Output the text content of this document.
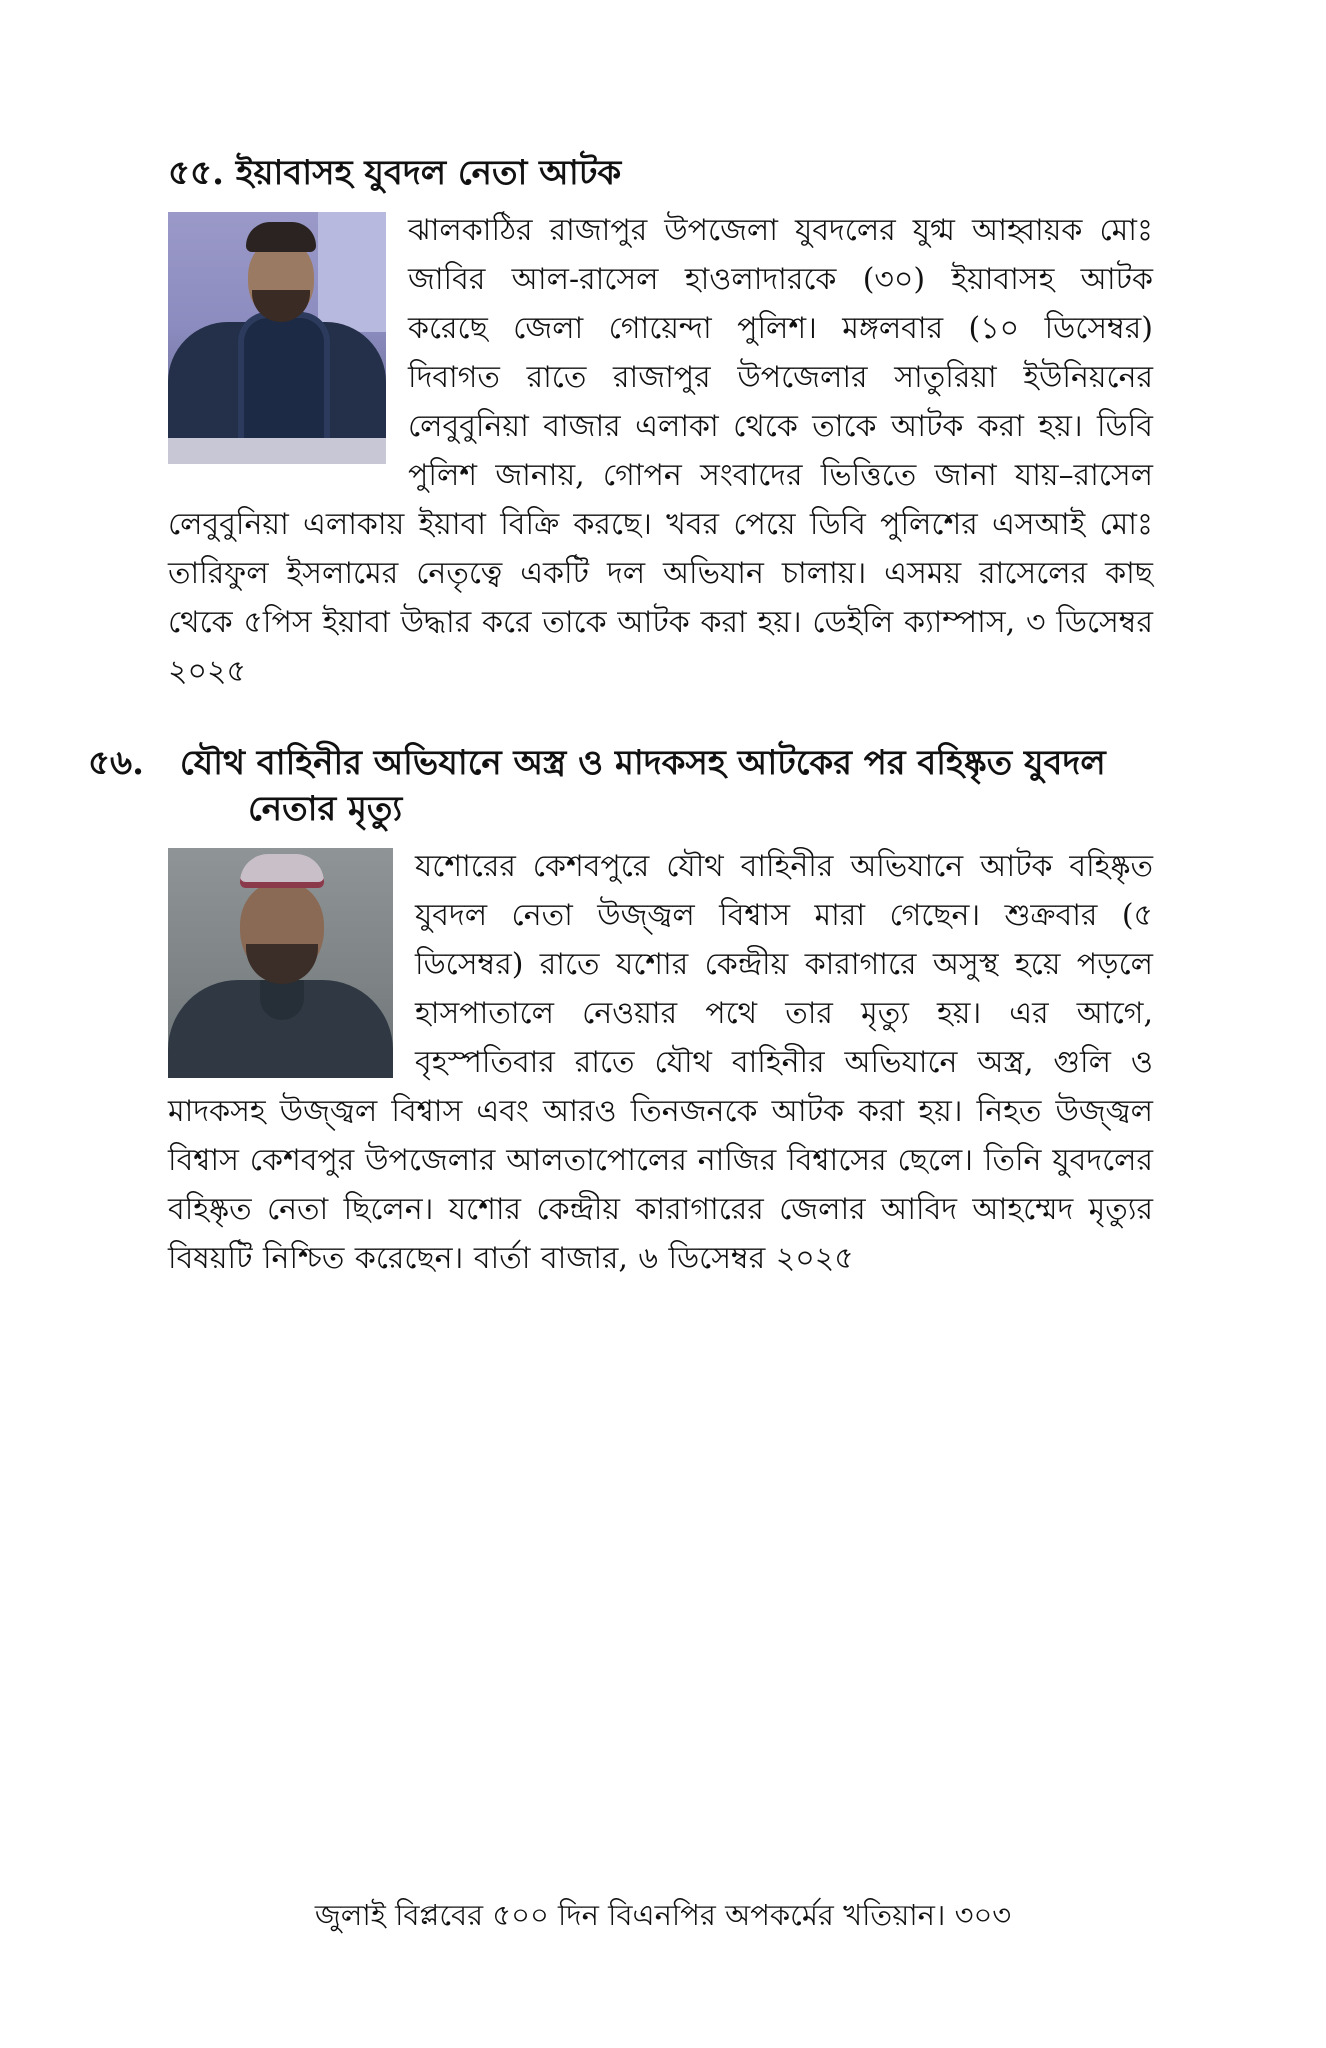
৫৫. ইয়াবাসহ যুবদল নেতা আটক

ঝালকাঠির রাজাপুর উপজেলা যুবদলের যুগ্ম আহ্বায়ক মোঃ জাবির আল-রাসেল হাওলাদারকে (৩০) ইয়াবাসহ আটক করেছে জেলা গোয়েন্দা পুলিশ। মঙ্গলবার (১০ ডিসেম্বর) দিবাগত রাতে রাজাপুর উপজেলার সাতুরিয়া ইউনিয়নের লেবুবুনিয়া বাজার এলাকা থেকে তাকে আটক করা হয়। ডিবি পুলিশ জানায়, গোপন সংবাদের ভিত্তিতে জানা যায়–রাসেল লেবুবুনিয়া এলাকায় ইয়াবা বিক্রি করছে। খবর পেয়ে ডিবি পুলিশের এসআই মোঃ তারিফুল ইসলামের নেতৃত্বে একটি দল অভিযান চালায়। এসময় রাসেলের কাছ থেকে ৫পিস ইয়াবা উদ্ধার করে তাকে আটক করা হয়। ডেইলি ক্যাম্পাস, ৩ ডিসেম্বর ২০২৫

৫৬. যৌথ বাহিনীর অভিযানে অস্ত্র ও মাদকসহ আটকের পর বহিষ্কৃত যুবদল নেতার মৃত্যু

যশোরের কেশবপুরে যৌথ বাহিনীর অভিযানে আটক বহিষ্কৃত যুবদল নেতা উজ্জ্বল বিশ্বাস মারা গেছেন। শুক্রবার (৫ ডিসেম্বর) রাতে যশোর কেন্দ্রীয় কারাগারে অসুস্থ হয়ে পড়লে হাসপাতালে নেওয়ার পথে তার মৃত্যু হয়। এর আগে, বৃহস্পতিবার রাতে যৌথ বাহিনীর অভিযানে অস্ত্র, গুলি ও মাদকসহ উজ্জ্বল বিশ্বাস এবং আরও তিনজনকে আটক করা হয়। নিহত উজ্জ্বল বিশ্বাস কেশবপুর উপজেলার আলতাপোলের নাজির বিশ্বাসের ছেলে। তিনি যুবদলের বহিষ্কৃত নেতা ছিলেন। যশোর কেন্দ্রীয় কারাগারের জেলার আবিদ আহম্মেদ মৃত্যুর বিষয়টি নিশ্চিত করেছেন। বার্তা বাজার, ৬ ডিসেম্বর ২০২৫

জুলাই বিপ্লবের ৫০০ দিন বিএনপির অপকর্মের খতিয়ান। ৩০৩
